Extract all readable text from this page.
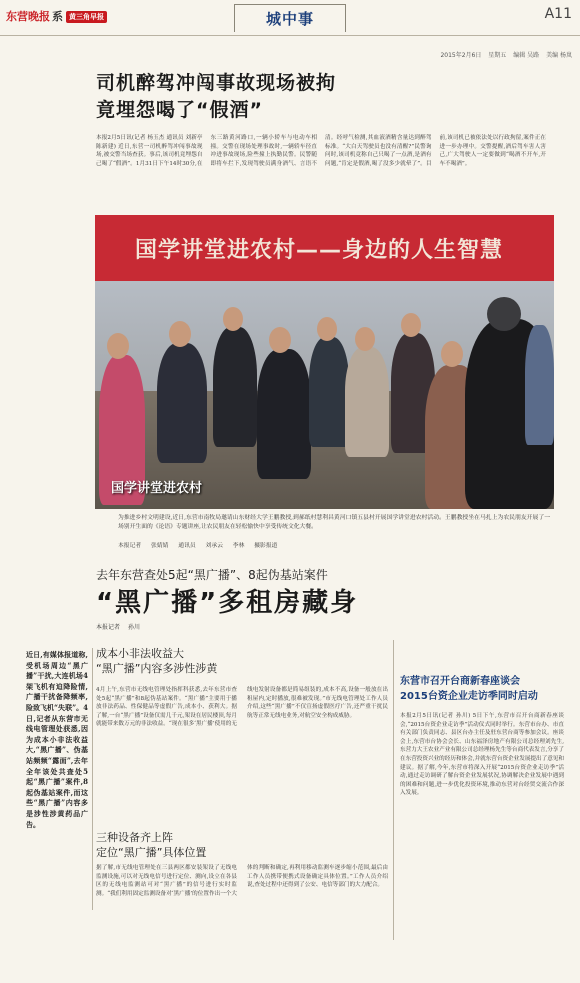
东营晚报 系 黄三角早报	城中事	A11
2015年2月6日 星期五 编辑 吴路 美编 杨岚
司机醉驾冲闯事故现场被拘
竟埋怨喝了“假酒”
本报2月5日讯(记者 杨玉杰 通讯员 刘新亭 陈新建) 近日,东营一司机醉驾冲闯事故现场,被交警当场查获。事后,该司机竟埋怨自己喝了“假酒”。1月31日下午14时30分,在东三路黄河路口,一辆小轿车与电动车相撞。交警在现场处理事故时,一辆轿车径直冲进事故现场,险些撞上执勤民警。民警随即将车拦下,发现驾驶员满身酒气、言语不清。经呼气检测,其血液酒精含量达到醉驾标准。“大白天驾驶员也没有清醒?”民警询问时,该司机竟称自己只喝了一点酒,是酒有问题,“肯定是假酒,喝了没多少就晕了”。目前,该司机已被依法处以行政拘留,案件正在进一步办理中。交警提醒,酒后驾车害人害己,广大驾驶人一定要做到“喝酒不开车,开车不喝酒”。
国学讲堂进农村——身边的人生智慧
国学讲堂进农村
为推进乡村文明建设,近日,东营市南牧局邀请山东财经大学王鹏教授,到郝纸村慧利昌黄河口镇五县村开展国学讲堂进农村活动。王鹏教授坐在马扎上为农民朋友开展了一场别开生面的《论语》专题讲座,让农民朋友在轻松愉快中享受传统文化大餐。
本报记者 张婧婧 通讯员 刘承云 李林 摄影报道
去年东营查处5起“黑广播”、8起伪基站案件
“黑广播”多租房藏身
本报记者 孙川
近日,有媒体报道称,受机场周边“黑广播”干扰,大连机场4架飞机有迫降险情,广播干扰备降频率,险致飞机“失联”。4日,记者从东营市无线电管理处获悉,因为成本小非法收益大,“黑广播”、伪基站频频“露面”,去年全年该处共查处5起“黑广播”案件,8起伪基站案件,而这些“黑广播”内容多是涉性涉黄药品广告。
成本小非法收益大
“黑广播”内容多涉性涉黄
4月上午,东营市无线电管理处指挥科获悉,去年东营市查处5起“黑广播”和8起伪基站案件。“黑广播”主要用于播放非法药品、性保健品等虚假广告,成本小、获利大。据了解,一台“黑广播”设备仅需几千元,架设在居民楼顶,每月就能带来数万元的非法收益。“现在很多‘黑广播’使用的无线电发射设备都是简易组装的,成本不高,设备一般放在出租屋内,定时播放,很难被发现。”市无线电管理处工作人员介绍,这些“黑广播”不仅宣扬虚假医疗广告,还严重干扰民航等正常无线电业务,对航空安全构成威胁。
三种设备齐上阵
定位“黑广播”具体位置
据了解,市无线电管理处在三县两区都安装架设了无线电监测设施,可以对无线电信号进行定位、测向,设立在各县区的无线电监测站可对“黑广播”的信号进行实时监测。“我们利用固定监测设备对‘黑广播’的位置作出一个大体的判断和确定,再利用移动监测车逐步缩小范围,最后由工作人员携带便携式设备确定具体位置。”工作人员介绍说,查处过程中还得到了公安、电信等部门的大力配合。
东营市召开台商新春座谈会
2015台资企业走访季同时启动
本报2月5日讯(记者 孙川) 5日下午,东营市召开台商新春座谈会,“2015台资企业走访季”活动仪式同时举行。东营市台办、市直有关部门负责同志、县区台办主任及驻东营台商等参加会议。座谈会上,东营市台协会会长、山东福泽房地产有限公司总经理刘先生,东营力大王农业产业有限公司总经理杨先生等台商代表发言,分享了在东营投资兴业的经历和体会,并就东营台资企业发展提出了意见和建议。据了解,今年,东营市将深入开展“2015台资企业走访季”活动,通过走访调研了解台资企业发展状况,协调解决企业发展中遇到的困难和问题,进一步优化投资环境,推动东营对台经贸交流合作深入发展。
